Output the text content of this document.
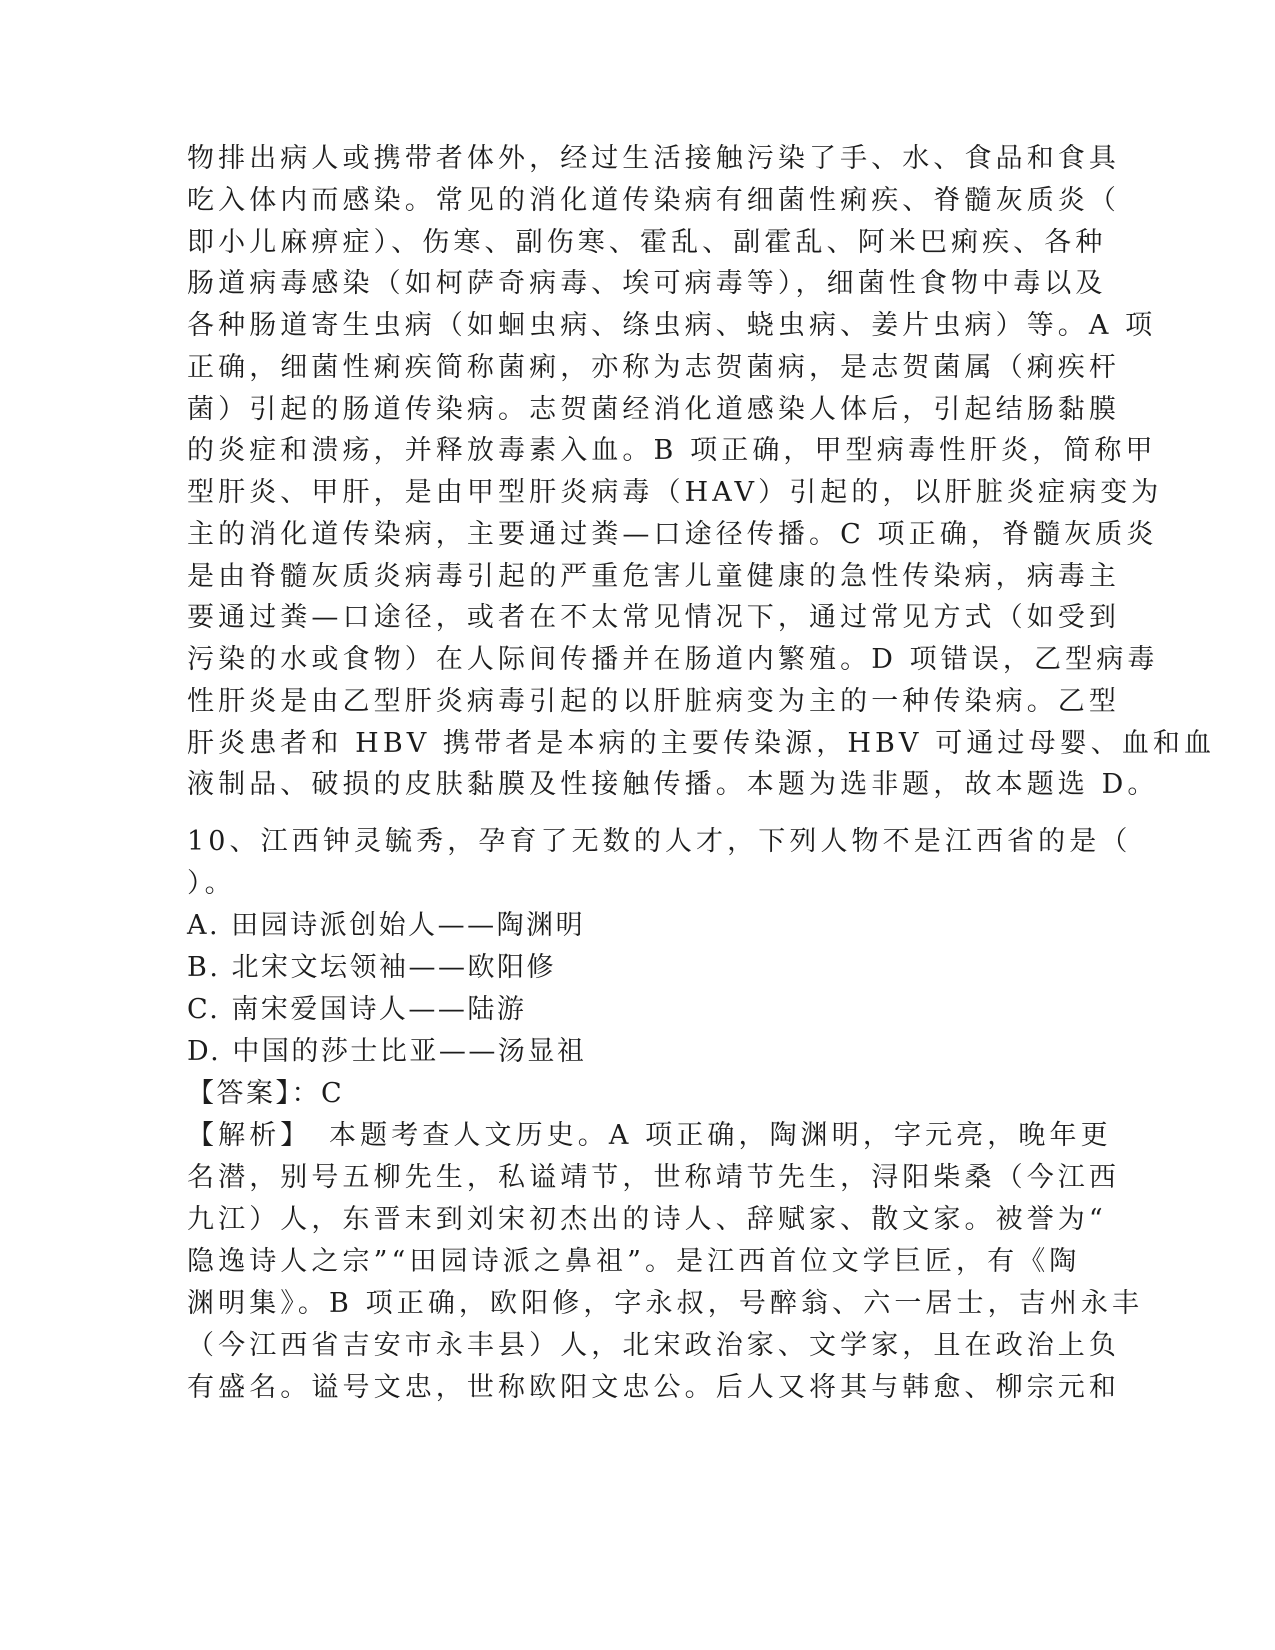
物排出病人或携带者体外，经过生活接触污染了手、水、食品和食具
吃入体内而感染。常见的消化道传染病有细菌性痢疾、脊髓灰质炎（
即小儿麻痹症）、伤寒、副伤寒、霍乱、副霍乱、阿米巴痢疾、各种
肠道病毒感染（如柯萨奇病毒、埃可病毒等），细菌性食物中毒以及
各种肠道寄生虫病（如蛔虫病、绦虫病、蛲虫病、姜片虫病）等。A 项
正确，细菌性痢疾简称菌痢，亦称为志贺菌病，是志贺菌属（痢疾杆
菌）引起的肠道传染病。志贺菌经消化道感染人体后，引起结肠黏膜
的炎症和溃疡，并释放毒素入血。B 项正确，甲型病毒性肝炎，简称甲
型肝炎、甲肝，是由甲型肝炎病毒（HAV）引起的，以肝脏炎症病变为
主的消化道传染病，主要通过粪—口途径传播。C 项正确，脊髓灰质炎
是由脊髓灰质炎病毒引起的严重危害儿童健康的急性传染病，病毒主
要通过粪—口途径，或者在不太常见情况下，通过常见方式（如受到
污染的水或食物）在人际间传播并在肠道内繁殖。D 项错误，乙型病毒
性肝炎是由乙型肝炎病毒引起的以肝脏病变为主的一种传染病。乙型
肝炎患者和 HBV 携带者是本病的主要传染源，HBV 可通过母婴、血和血
液制品、破损的皮肤黏膜及性接触传播。本题为选非题，故本题选 D。
10、江西钟灵毓秀，孕育了无数的人才，下列人物不是江西省的是（
）。
A. 田园诗派创始人——陶渊明
B. 北宋文坛领袖——欧阳修
C. 南宋爱国诗人——陆游
D. 中国的莎士比亚——汤显祖
【答案】：C
【解析】　本题考查人文历史。A 项正确，陶渊明，字元亮，晚年更
名潜，别号五柳先生，私谥靖节，世称靖节先生，浔阳柴桑（今江西
九江）人，东晋末到刘宋初杰出的诗人、辞赋家、散文家。被誉为“
隐逸诗人之宗”“田园诗派之鼻祖”。是江西首位文学巨匠，有《陶
渊明集》。B 项正确，欧阳修，字永叔，号醉翁、六一居士，吉州永丰
（今江西省吉安市永丰县）人，北宋政治家、文学家，且在政治上负
有盛名。谥号文忠，世称欧阳文忠公。后人又将其与韩愈、柳宗元和
